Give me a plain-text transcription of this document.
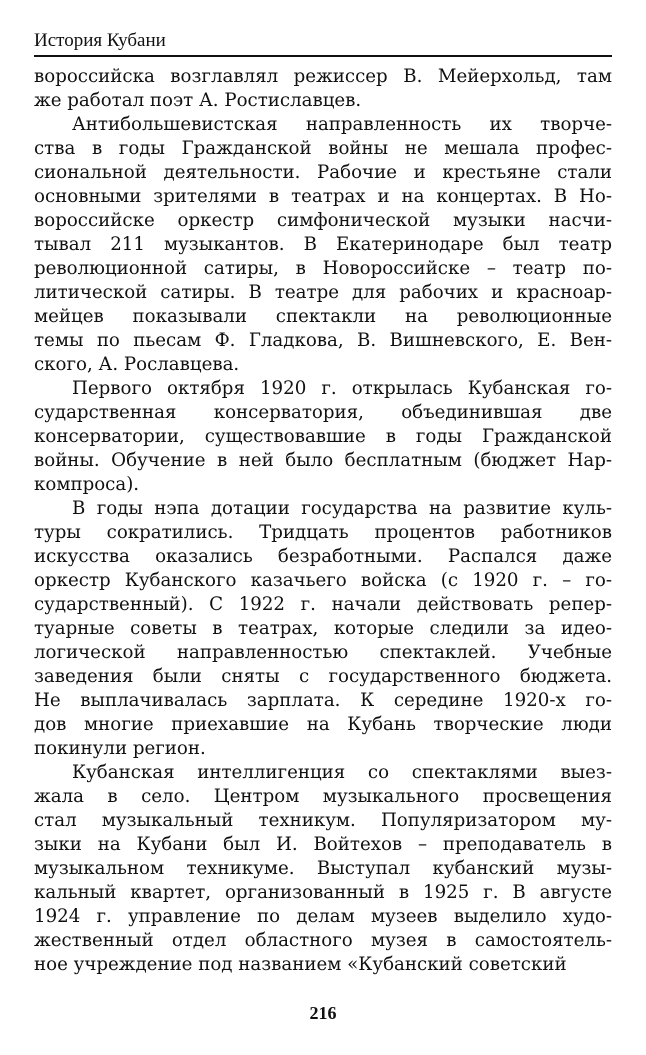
История Кубани
вороссийска возглавлял режиссер В. Мейерхольд, там
же работал поэт А. Ростиславцев.
Антибольшевистская направленность их творче-
ства в годы Гражданской войны не мешала профес-
сиональной деятельности. Рабочие и крестьяне стали
основными зрителями в театрах и на концертах. В Но-
вороссийске оркестр симфонической музыки насчи-
тывал 211 музыкантов. В Екатеринодаре был театр
революционной сатиры, в Новороссийске – театр по-
литической сатиры. В театре для рабочих и красноар-
мейцев показывали спектакли на революционные
темы по пьесам Ф. Гладкова, В. Вишневского, Е. Вен-
ского, А. Рославцева.
Первого октября 1920 г. открылась Кубанская го-
сударственная консерватория, объединившая две
консерватории, существовавшие в годы Гражданской
войны. Обучение в ней было бесплатным (бюджет Нар-
компроса).
В годы нэпа дотации государства на развитие куль-
туры сократились. Тридцать процентов работников
искусства оказались безработными. Распался даже
оркестр Кубанского казачьего войска (с 1920 г. – го-
сударственный). С 1922 г. начали действовать репер-
туарные советы в театрах, которые следили за идео-
логической направленностью спектаклей. Учебные
заведения были сняты с государственного бюджета.
Не выплачивалась зарплата. К середине 1920-х го-
дов многие приехавшие на Кубань творческие люди
покинули регион.
Кубанская интеллигенция со спектаклями выез-
жала в село. Центром музыкального просвещения
стал музыкальный техникум. Популяризатором му-
зыки на Кубани был И. Войтехов – преподаватель в
музыкальном техникуме. Выступал кубанский музы-
кальный квартет, организованный в 1925 г. В августе
1924 г. управление по делам музеев выделило худо-
жественный отдел областного музея в самостоятель-
ное учреждение под названием «Кубанский советский
216
